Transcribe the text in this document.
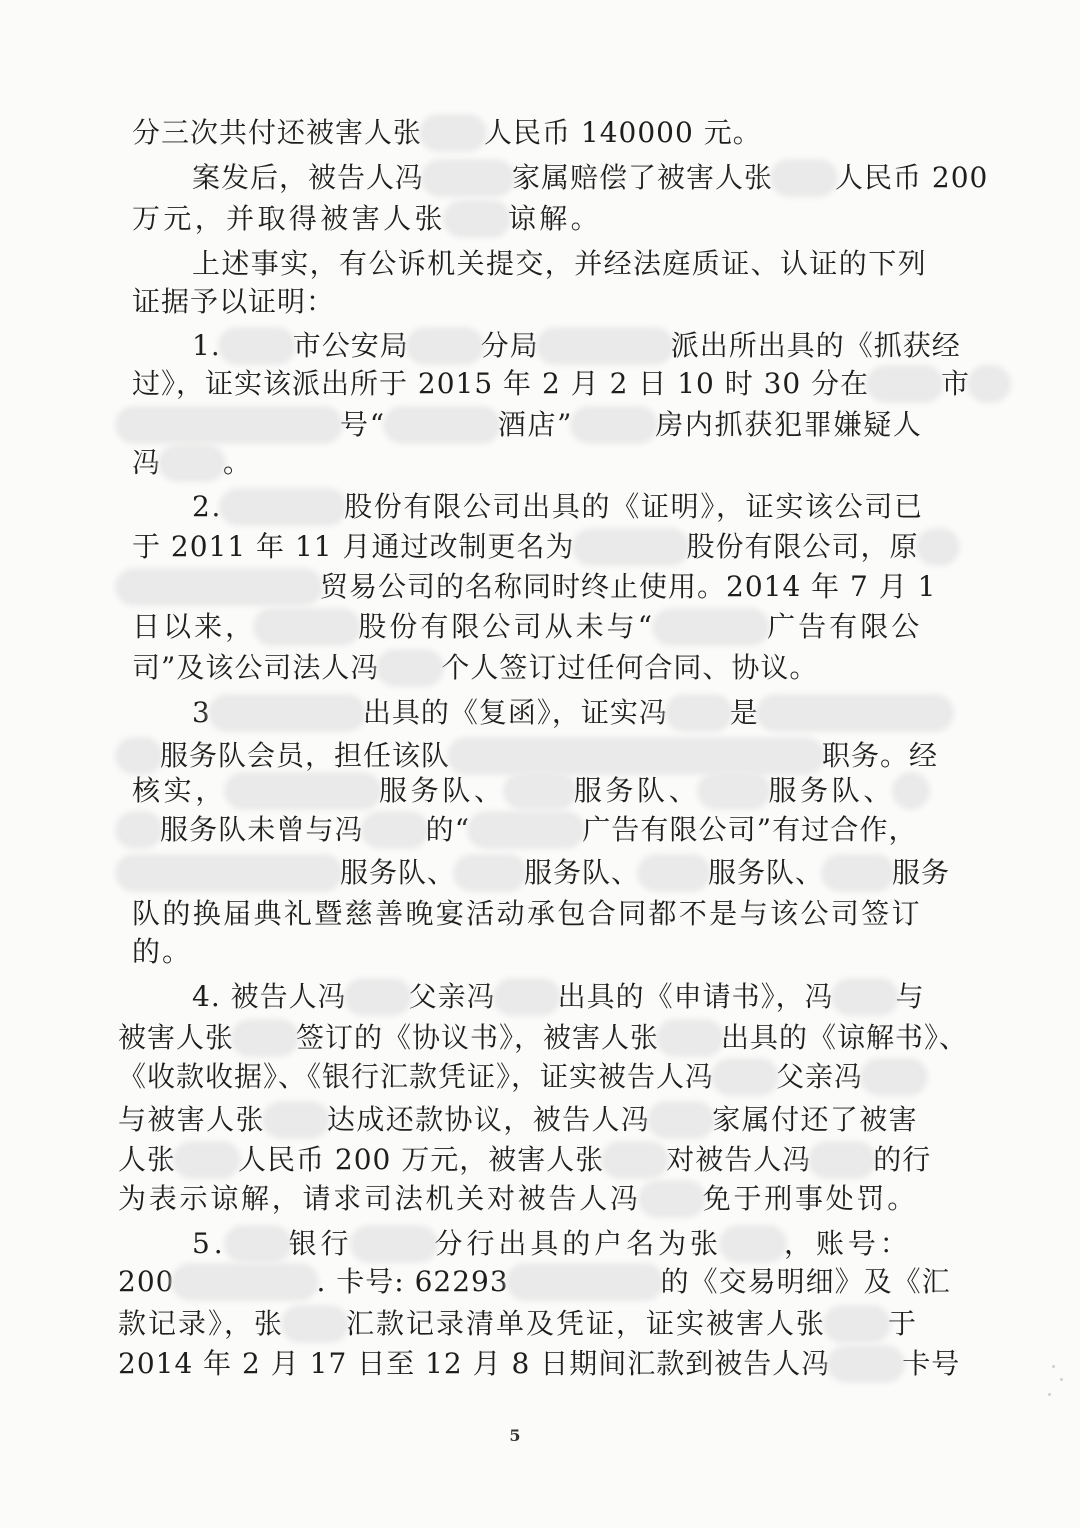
分三次共付还被害人张 人民币 140000 元。
案发后，被告人冯	家属赔偿了被害人张 人民币 200
万元，并取得被害人张 谅解。
上述事实，有公诉机关提交，并经法庭质证、认证的下列
证据予以证明：
1.	市公安局	分局	派出所出具的《抓获经
过》，证实该派出所于 2015 年 2 月 2 日 10 时 30 分在	市
号“	酒店”	房内抓获犯罪嫌疑人
冯 。
2.	股份有限公司出具的《证明》，证实该公司已
于 2011 年 11 月通过改制更名为	股份有限公司，原
贸易公司的名称同时终止使用。2014 年 7 月 1
日以来，	股份有限公司从未与“	广告有限公
司”及该公司法人冯 个人签订过任何合同、协议。
3	出具的《复函》，证实冯 是
服务队会员，担任该队	职务。经
核实，	服务队、 服务队、 服务队、
服务队未曾与冯 的“	广告有限公司”有过合作，
服务队、 服务队、 服务队、 服务
队的换届典礼暨慈善晚宴活动承包合同都不是与该公司签订
的。
4. 被告人冯 父亲冯 出具的《申请书》，冯 与
被害人张 签订的《协议书》，被害人张 出具的《谅解书》、
《收款收据》、《银行汇款凭证》，证实被告人冯 父亲冯
与被害人张 达成还款协议，被告人冯 家属付还了被害
人张 人民币 200 万元，被害人张 对被告人冯 的行
为表示谅解，请求司法机关对被告人冯 免于刑事处罚。
5. 银行	分行出具的户名为张 ，账号：
200	. 卡号: 62293	的《交易明细》及《汇
款记录》，张 汇款记录清单及凭证，证实被害人张 于
2014 年 2 月 17 日至 12 月 8 日期间汇款到被告人冯	卡号
5
